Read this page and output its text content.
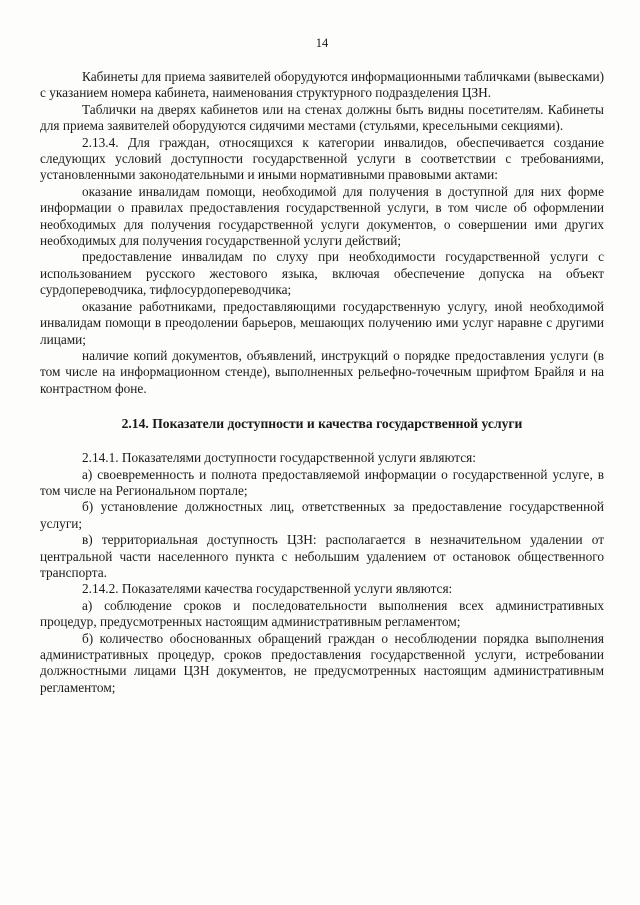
14

Кабинеты для приема заявителей оборудуются информационными табличками (вывесками) с указанием номера кабинета, наименования структурного подразделения ЦЗН.

Таблички на дверях кабинетов или на стенах должны быть видны посетителям. Кабинеты для приема заявителей оборудуются сидячими местами (стульями, кресельными секциями).

2.13.4. Для граждан, относящихся к категории инвалидов, обеспечивается создание следующих условий доступности государственной услуги в соответствии с требованиями, установленными законодательными и иными нормативными правовыми актами:

оказание инвалидам помощи, необходимой для получения в доступной для них форме информации о правилах предоставления государственной услуги, в том числе об оформлении необходимых для получения государственной услуги документов, о совершении ими других необходимых для получения государственной услуги действий;

предоставление инвалидам по слуху при необходимости государственной услуги с использованием русского жестового языка, включая обеспечение допуска на объект сурдопереводчика, тифлосурдопереводчика;

оказание работниками, предоставляющими государственную услугу, иной необходимой инвалидам помощи в преодолении барьеров, мешающих получению ими услуг наравне с другими лицами;

наличие копий документов, объявлений, инструкций о порядке предоставления услуги (в том числе на информационном стенде), выполненных рельефно-точечным шрифтом Брайля и на контрастном фоне.

2.14. Показатели доступности и качества государственной услуги

2.14.1. Показателями доступности государственной услуги являются:

а) своевременность и полнота предоставляемой информации о государственной услуге, в том числе на Региональном портале;

б) установление должностных лиц, ответственных за предоставление государственной услуги;

в) территориальная доступность ЦЗН: располагается в незначительном удалении от центральной части населенного пункта с небольшим удалением от остановок общественного транспорта.

2.14.2. Показателями качества государственной услуги являются:

а) соблюдение сроков и последовательности выполнения всех административных процедур, предусмотренных настоящим административным регламентом;

б) количество обоснованных обращений граждан о несоблюдении порядка выполнения административных процедур, сроков предоставления государственной услуги, истребовании должностными лицами ЦЗН документов, не предусмотренных настоящим административным регламентом;
